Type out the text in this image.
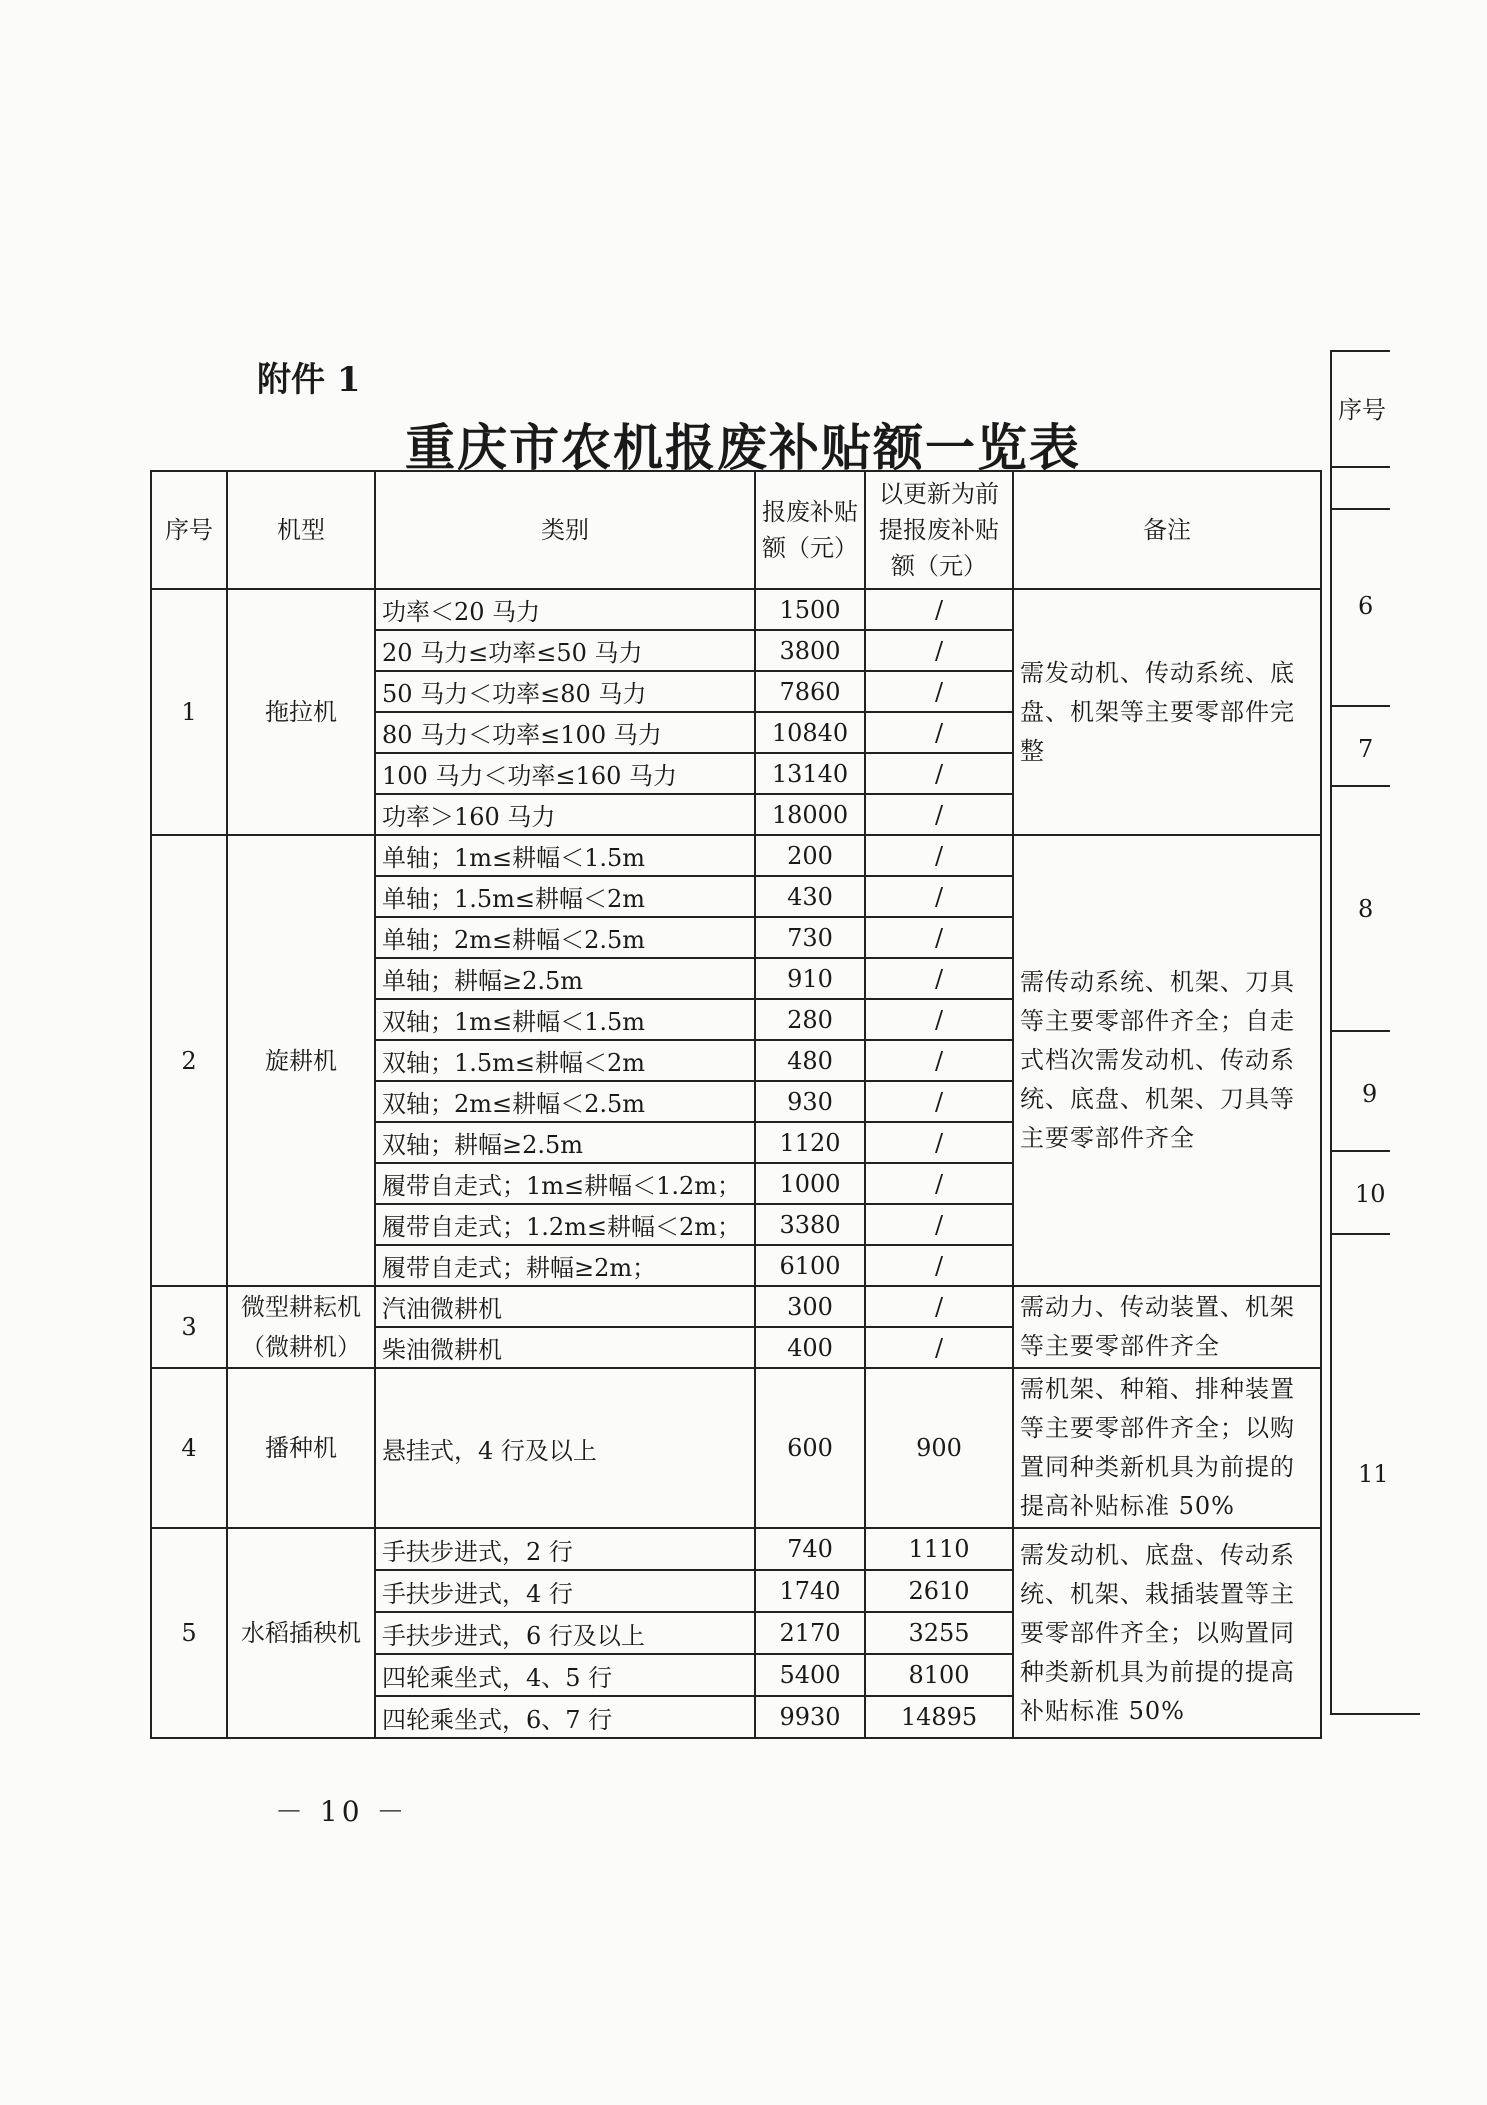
附件 1
重庆市农机报废补贴额一览表
序号	机型	类别	报废补贴额（元）	以更新为前提报废补贴额（元）	备注
1	拖拉机	功率＜20 马力	1500	/	需发动机、传动系统、底盘、机架等主要零部件完整
		20 马力≤功率≤50 马力	3800	/	
		50 马力＜功率≤80 马力	7860	/	
		80 马力＜功率≤100 马力	10840	/	
		100 马力＜功率≤160 马力	13140	/	
		功率＞160 马力	18000	/	
2	旋耕机	单轴；1m≤耕幅＜1.5m	200	/	需传动系统、机架、刀具等主要零部件齐全；自走式档次需发动机、传动系统、底盘、机架、刀具等主要零部件齐全
		单轴；1.5m≤耕幅＜2m	430	/	
		单轴；2m≤耕幅＜2.5m	730	/	
		单轴；耕幅≥2.5m	910	/	
		双轴；1m≤耕幅＜1.5m	280	/	
		双轴；1.5m≤耕幅＜2m	480	/	
		双轴；2m≤耕幅＜2.5m	930	/	
		双轴；耕幅≥2.5m	1120	/	
		履带自走式；1m≤耕幅＜1.2m；	1000	/	
		履带自走式；1.2m≤耕幅＜2m；	3380	/	
		履带自走式；耕幅≥2m；	6100	/	
3	微型耕耘机（微耕机）	汽油微耕机	300	/	需动力、传动装置、机架等主要零部件齐全
		柴油微耕机	400	/	
4	播种机	悬挂式，4 行及以上	600	900	需机架、种箱、排种装置等主要零部件齐全；以购置同种类新机具为前提的提高补贴标准 50%
5	水稻插秧机	手扶步进式，2 行	740	1110	需发动机、底盘、传动系统、机架、栽插装置等主要零部件齐全；以购置同种类新机具为前提的提高补贴标准 50%
		手扶步进式，4 行	1740	2610	
		手扶步进式，6 行及以上	2170	3255	
		四轮乘坐式，4、5 行	5400	8100	
		四轮乘坐式，6、7 行	9930	14895	
序号
6
7
8
9
10
11
－ 10 －
